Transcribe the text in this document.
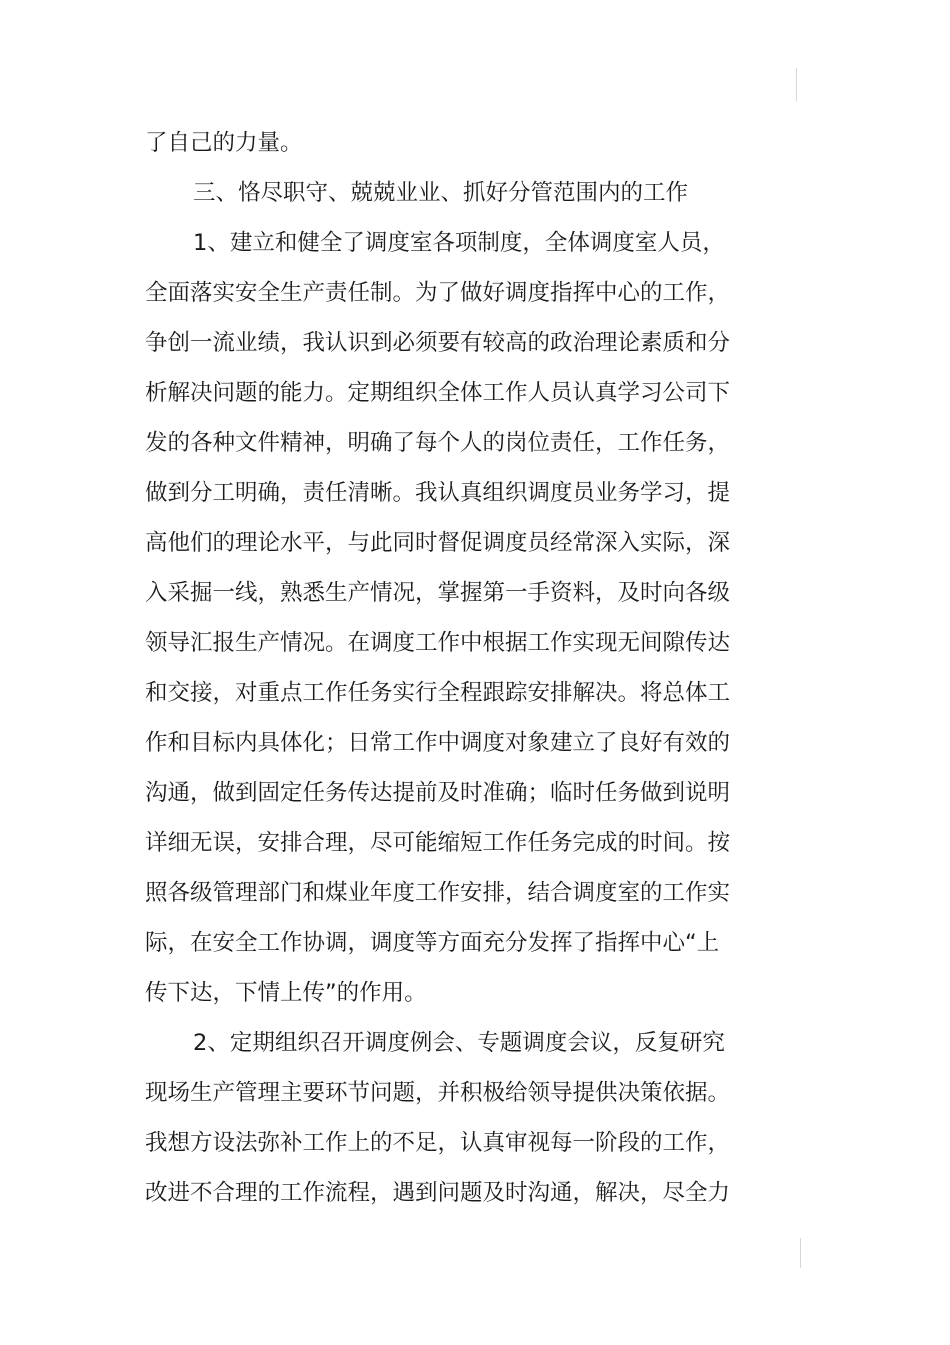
了自己的力量。
三、恪尽职守、兢兢业业、抓好分管范围内的工作
1、建立和健全了调度室各项制度，全体调度室人员，
全面落实安全生产责任制。为了做好调度指挥中心的工作，
争创一流业绩，我认识到必须要有较高的政治理论素质和分
析解决问题的能力。定期组织全体工作人员认真学习公司下
发的各种文件精神，明确了每个人的岗位责任，工作任务，
做到分工明确，责任清晰。我认真组织调度员业务学习，提
高他们的理论水平，与此同时督促调度员经常深入实际，深
入采掘一线，熟悉生产情况，掌握第一手资料，及时向各级
领导汇报生产情况。在调度工作中根据工作实现无间隙传达
和交接，对重点工作任务实行全程跟踪安排解决。将总体工
作和目标内具体化；日常工作中调度对象建立了良好有效的
沟通，做到固定任务传达提前及时准确；临时任务做到说明
详细无误，安排合理，尽可能缩短工作任务完成的时间。按
照各级管理部门和煤业年度工作安排，结合调度室的工作实
际，在安全工作协调，调度等方面充分发挥了指挥中心“上
传下达，下情上传”的作用。
2、定期组织召开调度例会、专题调度会议，反复研究
现场生产管理主要环节问题，并积极给领导提供决策依据。
我想方设法弥补工作上的不足，认真审视每一阶段的工作，
改进不合理的工作流程，遇到问题及时沟通，解决，尽全力
